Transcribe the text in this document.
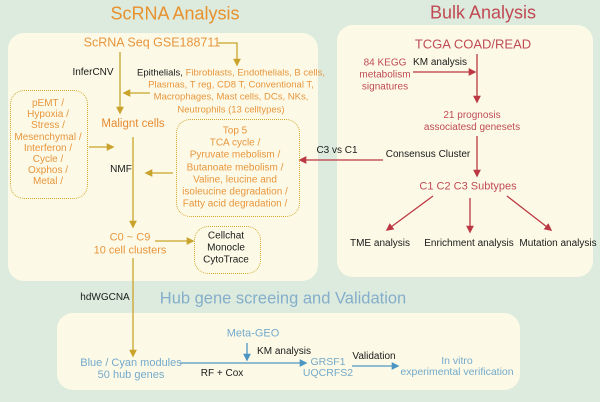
ScRNA Analysis	Bulk Analysis
Hub gene screeing and Validation
ScRNA Seq GSE188711
InferCNV Epithelials, Fibroblasts, Endothelials, B cells,
Plasmas, T reg, CD8 T, Conventional T,
Macrophages, Mast cells, DCs, NKs,
Neutrophils (13 celltypes)
pEMT /
Hypoxia /
Stress /
Mesenchymal /
Interferon /
Cycle /
Oxphos /
Metal /
Malignt cells
NMF
Top 5
TCA cycle /
Pyruvate mebolism /
Butanoate mebolism /
Valine, leucine and
isoleucine degradation /
Fatty acid degradation /
C0 ~ C9
10 cell clusters
Cellchat
Monocle
CytoTrace
hdWGCNA
TCGA COAD/READ
84 KEGG
metabolism
signatures
KM analysis
21 prognosis
associatesd genesets
Consensus Cluster
C3 vs C1
C1 C2 C3 Subtypes
TME analysis Enrichment analysis Mutation analysis
Blue / Cyan modules
50 hub genes
Meta-GEO
KM analysis
RF + Cox
GRSF1
UQCRFS2
Validation	In vitro
experimental verification
